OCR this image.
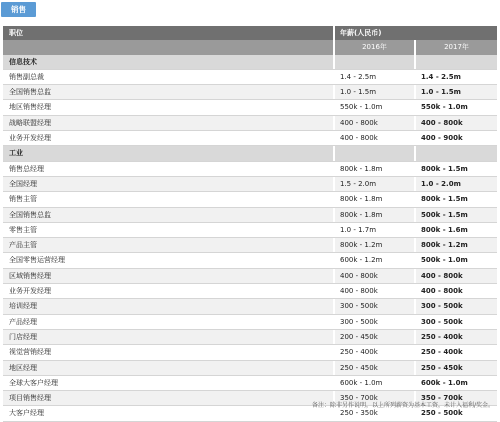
销售
职位	年薪(人民币)
2016年	2017年
信息技术
销售副总裁	1.4 - 2.5m	1.4 - 2.5m
全国销售总监	1.0 - 1.5m	1.0 - 1.5m
地区销售经理	550k - 1.0m	550k - 1.0m
战略联盟经理	400 - 800k	400 - 800k
业务开发经理	400 - 800k	400 - 900k
工业
销售总经理	800k - 1.8m	800k - 1.5m
全国经理	1.5 - 2.0m	1.0 - 2.0m
销售主管	800k - 1.8m	800k - 1.5m
全国销售总监	800k - 1.8m	500k - 1.5m
零售主管	1.0 - 1.7m	800k - 1.6m
产品主管	800k - 1.2m	800k - 1.2m
全国零售运营经理	600k - 1.2m	500k - 1.0m
区域销售经理	400 - 800k	400 - 800k
业务开发经理	400 - 800k	400 - 800k
培训经理	300 - 500k	300 - 500k
产品经理	300 - 500k	300 - 500k
门店经理	200 - 450k	250 - 400k
视觉营销经理	250 - 400k	250 - 400k
地区经理	250 - 450k	250 - 450k
全球大客户经理	600k - 1.0m	600k - 1.0m
项目销售经理	350 - 700k	350 - 700k
大客户经理	250 - 350k	250 - 500k
备注：除非另作说明，以上所列薪资为基本工资，未计入福利/奖金。
